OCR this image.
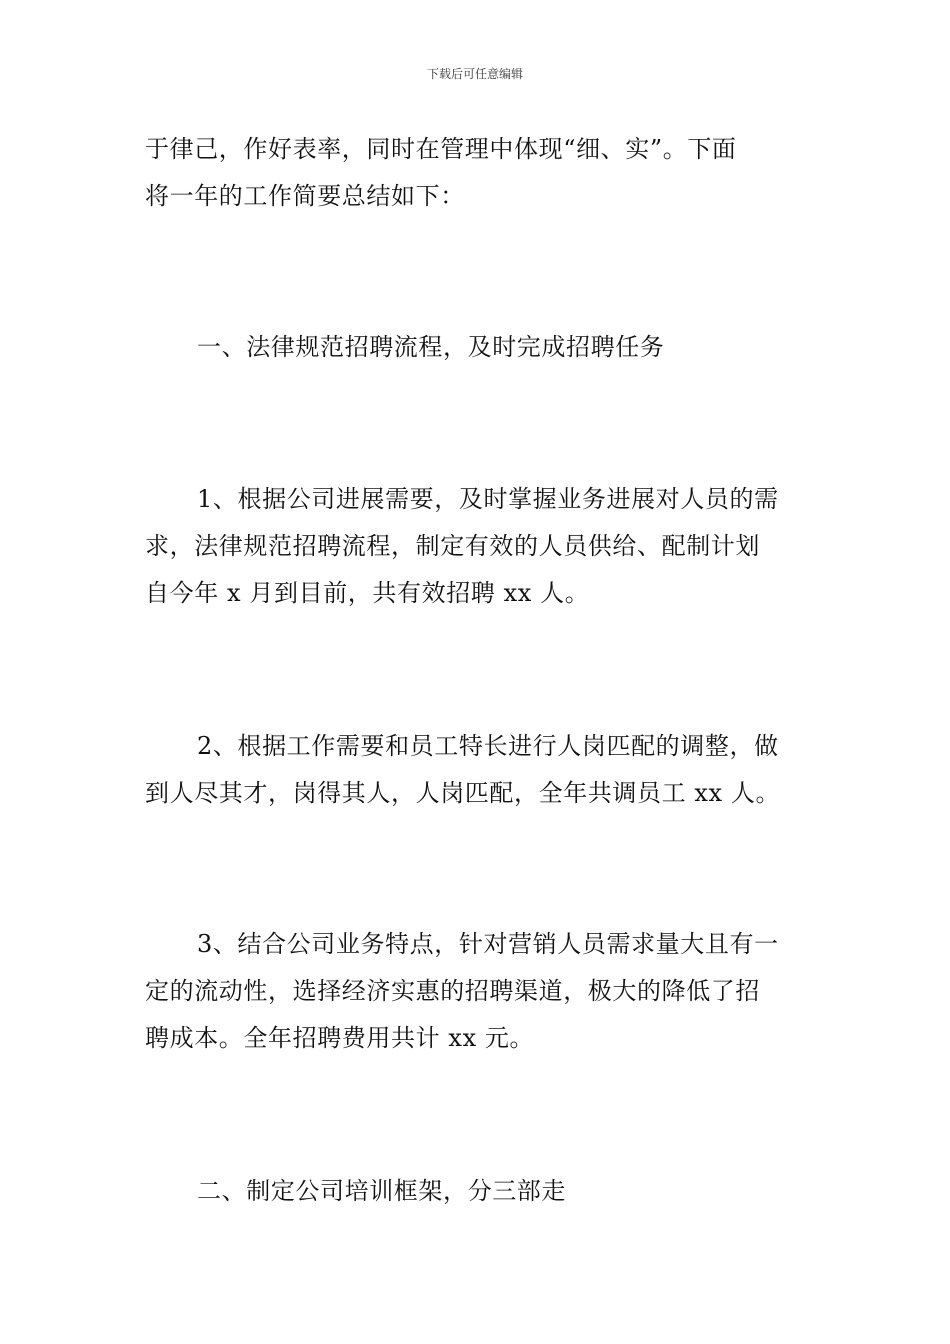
下载后可任意编辑

于律己，作好表率，同时在管理中体现“细、实”。下面
将一年的工作简要总结如下：

一、法律规范招聘流程，及时完成招聘任务

1、根据公司进展需要，及时掌握业务进展对人员的需
求，法律规范招聘流程，制定有效的人员供给、配制计划
自今年 x 月到目前，共有效招聘 xx 人。

2、根据工作需要和员工特长进行人岗匹配的调整，做
到人尽其才，岗得其人，人岗匹配，全年共调员工 xx 人。

3、结合公司业务特点，针对营销人员需求量大且有一
定的流动性，选择经济实惠的招聘渠道，极大的降低了招
聘成本。全年招聘费用共计 xx 元。

二、制定公司培训框架，分三部走
